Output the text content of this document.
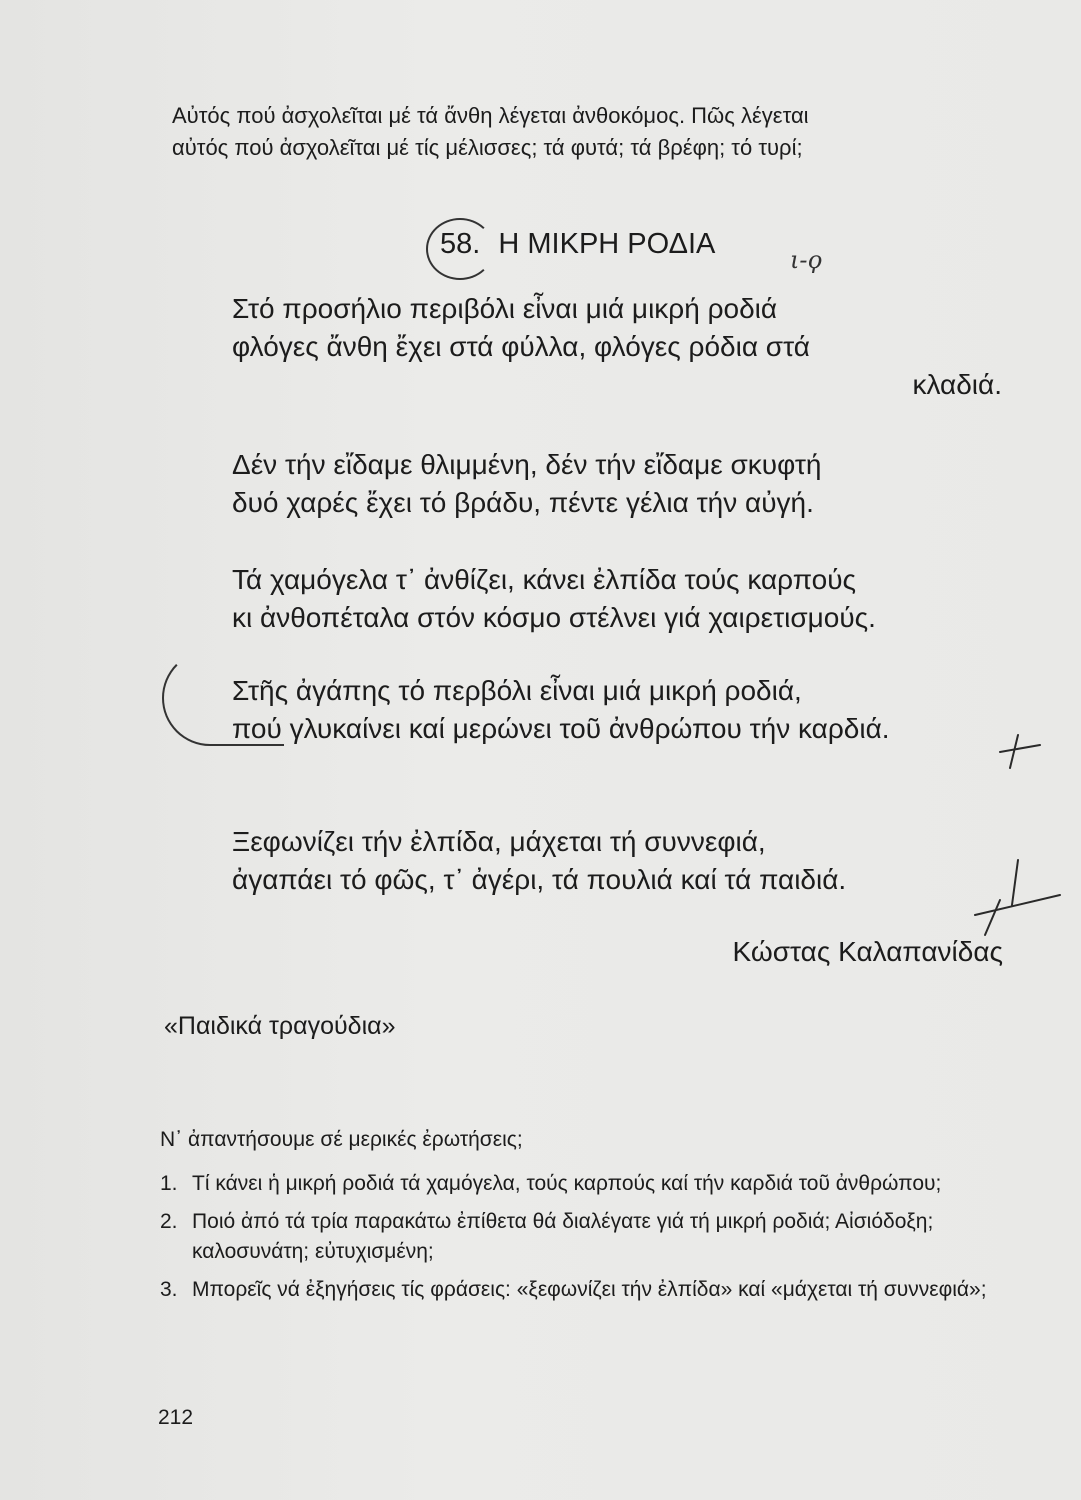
Αὐτός πού ἀσχολεῖται μέ τά ἄνθη λέγεται ἀνθοκόμος. Πῶς λέγεται
αὐτός πού ἀσχολεῖται μέ τίς μέλισσες; τά φυτά; τά βρέφη; τό τυρί;
58. Η ΜΙΚΡΗ ΡΟΔΙΑ	ι-ϙ
Στό προσήλιο περιβόλι εἶναι μιά μικρή ροδιά
φλόγες ἄνθη ἔχει στά φύλλα, φλόγες ρόδια στά
κλαδιά.
Δέν τήν εἴδαμε θλιμμένη, δέν τήν εἴδαμε σκυφτή
δυό χαρές ἔχει τό βράδυ, πέντε γέλια τήν αὐγή.
Τά χαμόγελα τ᾽ ἀνθίζει, κάνει ἐλπίδα τούς καρπούς
κι ἀνθοπέταλα στόν κόσμο στέλνει γιά χαιρετισμούς.
Στῆς ἀγάπης τό περβόλι εἶναι μιά μικρή ροδιά,
πού γλυκαίνει καί μερώνει τοῦ ἀνθρώπου τήν καρδιά.
Ξεφωνίζει τήν ἐλπίδα, μάχεται τή συννεφιά,
ἀγαπάει τό φῶς, τ᾽ ἀγέρι, τά πουλιά καί τά παιδιά.
Κώστας Καλαπανίδας
«Παιδικά τραγούδια»
Ν᾽ ἀπαντήσουμε σέ μερικές ἐρωτήσεις;
1. Τί κάνει ἡ μικρή ροδιά τά χαμόγελα, τούς καρπούς καί τήν καρδιά τοῦ ἀνθρώπου;
2. Ποιό ἀπό τά τρία παρακάτω ἐπίθετα θά διαλέγατε γιά τή μικρή ροδιά; Αἰσιόδοξη; καλοσυνάτη; εὐτυχισμένη;
3. Μπορεῖς νά ἐξηγήσεις τίς φράσεις: «ξεφωνίζει τήν ἐλπίδα» καί «μάχεται τή συννεφιά»;
212
